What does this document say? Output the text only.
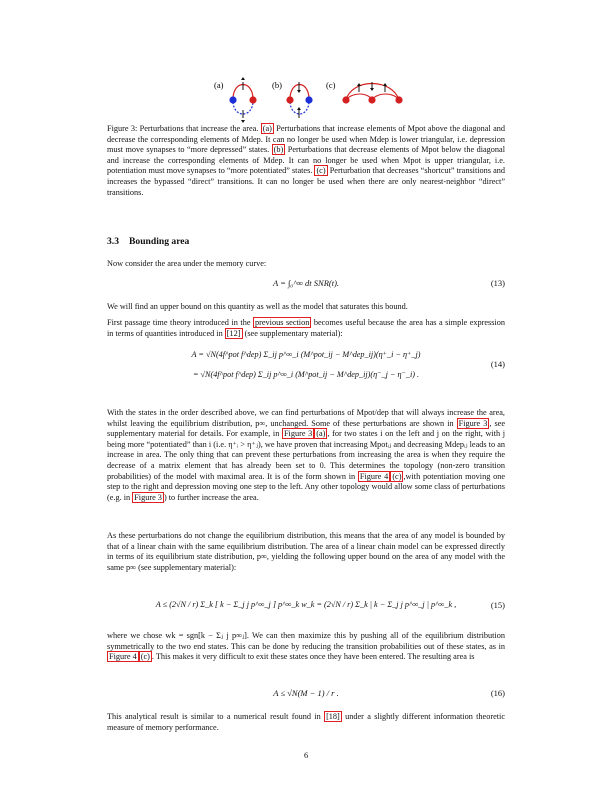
(a)	(b)	(c)
Figure 3: Perturbations that increase the area. (a) Perturbations that increase elements of Mpot above the diagonal and decrease the corresponding elements of Mdep. It can no longer be used when Mdep is lower triangular, i.e. depression must move synapses to “more depressed” states. (b) Perturbations that decrease elements of Mpot below the diagonal and increase the corresponding elements of Mdep. It can no longer be used when Mpot is upper triangular, i.e. potentiation must move synapses to “more potentiated” states. (c) Perturbation that decreases “shortcut” transitions and increases the bypassed “direct” transitions. It can no longer be used when there are only nearest-neighbor “direct” transitions.
3.3 Bounding area
Now consider the area under the memory curve:
A = ∫₀^∞ dt SNR(t).	(13)
We will find an upper bound on this quantity as well as the model that saturates this bound.
First passage time theory introduced in the previous section becomes useful because the area has a simple expression in terms of quantities introduced in [12] (see supplementary material):
A = √N(4f^pot f^dep) Σ_ij p^∞_i (M^pot_ij − M^dep_ij)(η⁺_i − η⁺_j)
= √N(4f^pot f^dep) Σ_ij p^∞_i (M^pot_ij − M^dep_ij)(η⁻_j − η⁻_i) .
(14)
With the states in the order described above, we can find perturbations of Mpot/dep that will always increase the area, whilst leaving the equilibrium distribution, p∞, unchanged. Some of these perturbations are shown in Figure 3 , see supplementary material for details. For example, in Figure 3 (a) , for two states i on the left and j on the right, with j being more “potentiated” than i (i.e. η⁺ᵢ > η⁺ⱼ), we have proven that increasing Mpotᵢⱼ and decreasing Mdepᵢⱼ leads to an increase in area. The only thing that can prevent these perturbations from increasing the area is when they require the decrease of a matrix element that has already been set to 0. This determines the topology (non-zero transition probabilities) of the model with maximal area. It is of the form shown in Figure 4 (c) ,with potentiation moving one step to the right and depression moving one step to the left. Any other topology would allow some class of perturbations (e.g. in Figure 3 ) to further increase the area.
As these perturbations do not change the equilibrium distribution, this means that the area of any model is bounded by that of a linear chain with the same equilibrium distribution. The area of a linear chain model can be expressed directly in terms of its equilibrium state distribution, p∞, yielding the following upper bound on the area of any model with the same p∞ (see supplementary material):
A ≤ (2√N / r) Σ_k [ k − Σ_j j p^∞_j ] p^∞_k w_k = (2√N / r) Σ_k | k − Σ_j j p^∞_j | p^∞_k ,	(15)
where we chose wk = sgn[k − Σⱼ j p∞ⱼ]. We can then maximize this by pushing all of the equilibrium distribution symmetrically to the two end states. This can be done by reducing the transition probabilities out of these states, as in Figure 4 (c) . This makes it very difficult to exit these states once they have been entered. The resulting area is
A ≤ √N(M − 1) / r .	(16)
This analytical result is similar to a numerical result found in [18] under a slightly different information theoretic measure of memory performance.
6
